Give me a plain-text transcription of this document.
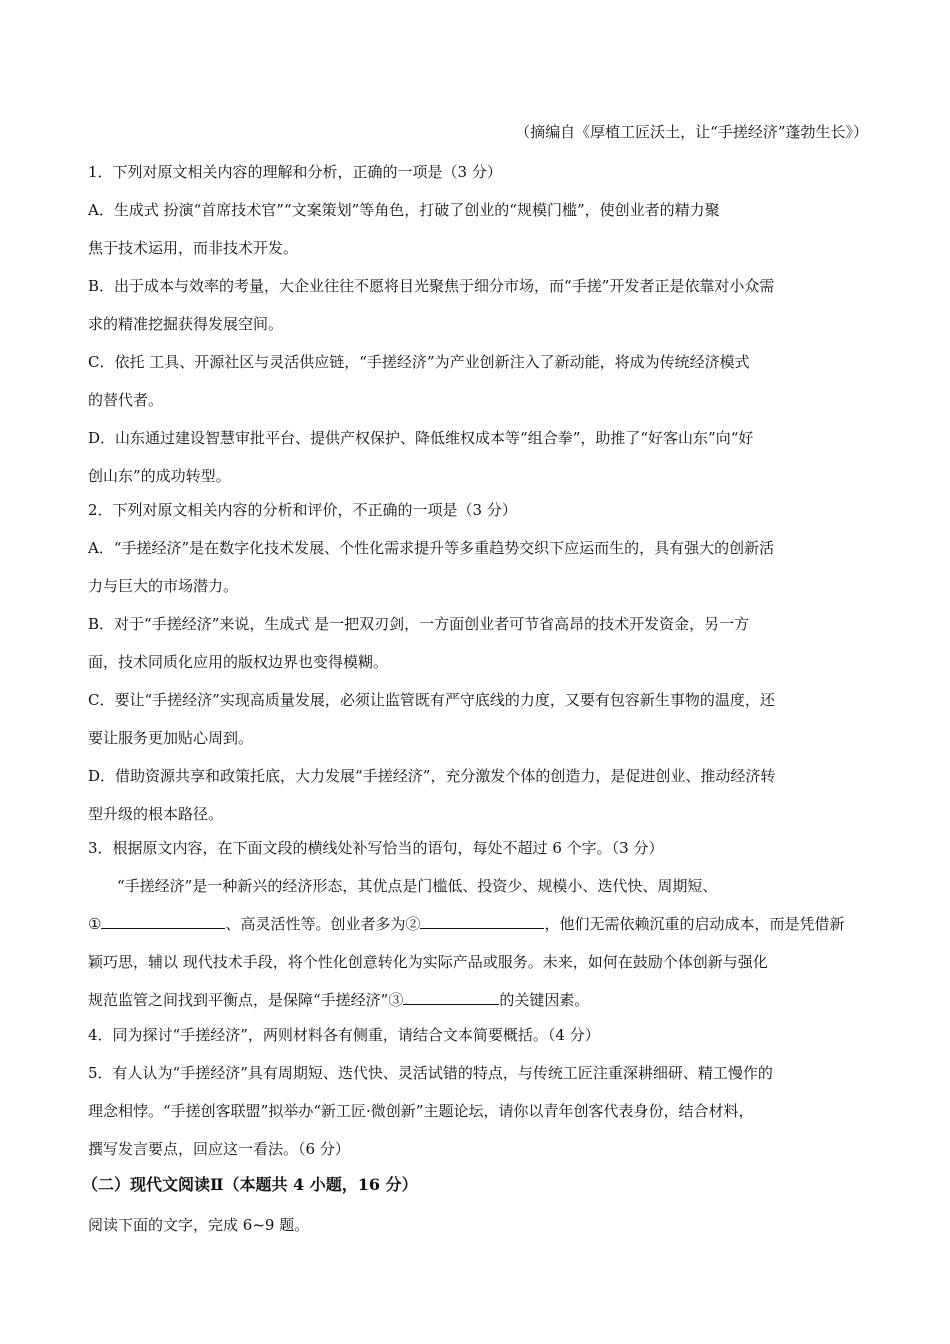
（摘编自《厚植工匠沃土，让“手搓经济”蓬勃生长》）

1．下列对原文相关内容的理解和分析，正确的一项是（3 分）

A．生成式 扮演“首席技术官”“文案策划”等角色，打破了创业的“规模门槛”，使创业者的精力聚

焦于技术运用，而非技术开发。

B．出于成本与效率的考量，大企业往往不愿将目光聚焦于细分市场，而“手搓”开发者正是依靠对小众需

求的精准挖掘获得发展空间。

C．依托 工具、开源社区与灵活供应链，“手搓经济”为产业创新注入了新动能，将成为传统经济模式

的替代者。

D．山东通过建设智慧审批平台、提供产权保护、降低维权成本等“组合拳”，助推了“好客山东”向“好

创山东”的成功转型。

2．下列对原文相关内容的分析和评价，不正确的一项是（3 分）

A．“手搓经济”是在数字化技术发展、个性化需求提升等多重趋势交织下应运而生的，具有强大的创新活

力与巨大的市场潜力。

B．对于“手搓经济”来说，生成式 是一把双刃剑，一方面创业者可节省高昂的技术开发资金，另一方

面，技术同质化应用的版权边界也变得模糊。

C．要让“手搓经济”实现高质量发展，必须让监管既有严守底线的力度，又要有包容新生事物的温度，还

要让服务更加贴心周到。

D．借助资源共享和政策托底，大力发展“手搓经济”，充分激发个体的创造力，是促进创业、推动经济转

型升级的根本路径。

3．根据原文内容，在下面文段的横线处补写恰当的语句，每处不超过 6 个字。（3 分）

“手搓经济”是一种新兴的经济形态，其优点是门槛低、投资少、规模小、迭代快、周期短、

①	、高灵活性等。创业者多为②	，他们无需依赖沉重的启动成本，而是凭借新

颖巧思，辅以 现代技术手段，将个性化创意转化为实际产品或服务。未来，如何在鼓励个体创新与强化

规范监管之间找到平衡点，是保障“手搓经济”③	的关键因素。

4．同为探讨“手搓经济”，两则材料各有侧重，请结合文本简要概括。（4 分）

5．有人认为“手搓经济”具有周期短、迭代快、灵活试错的特点，与传统工匠注重深耕细研、精工慢作的

理念相悖。“手搓创客联盟”拟举办“新工匠·微创新”主题论坛，请你以青年创客代表身份，结合材料，

撰写发言要点，回应这一看法。（6 分）

（二）现代文阅读Ⅱ（本题共 4 小题，16 分）

阅读下面的文字，完成 6~9 题。
